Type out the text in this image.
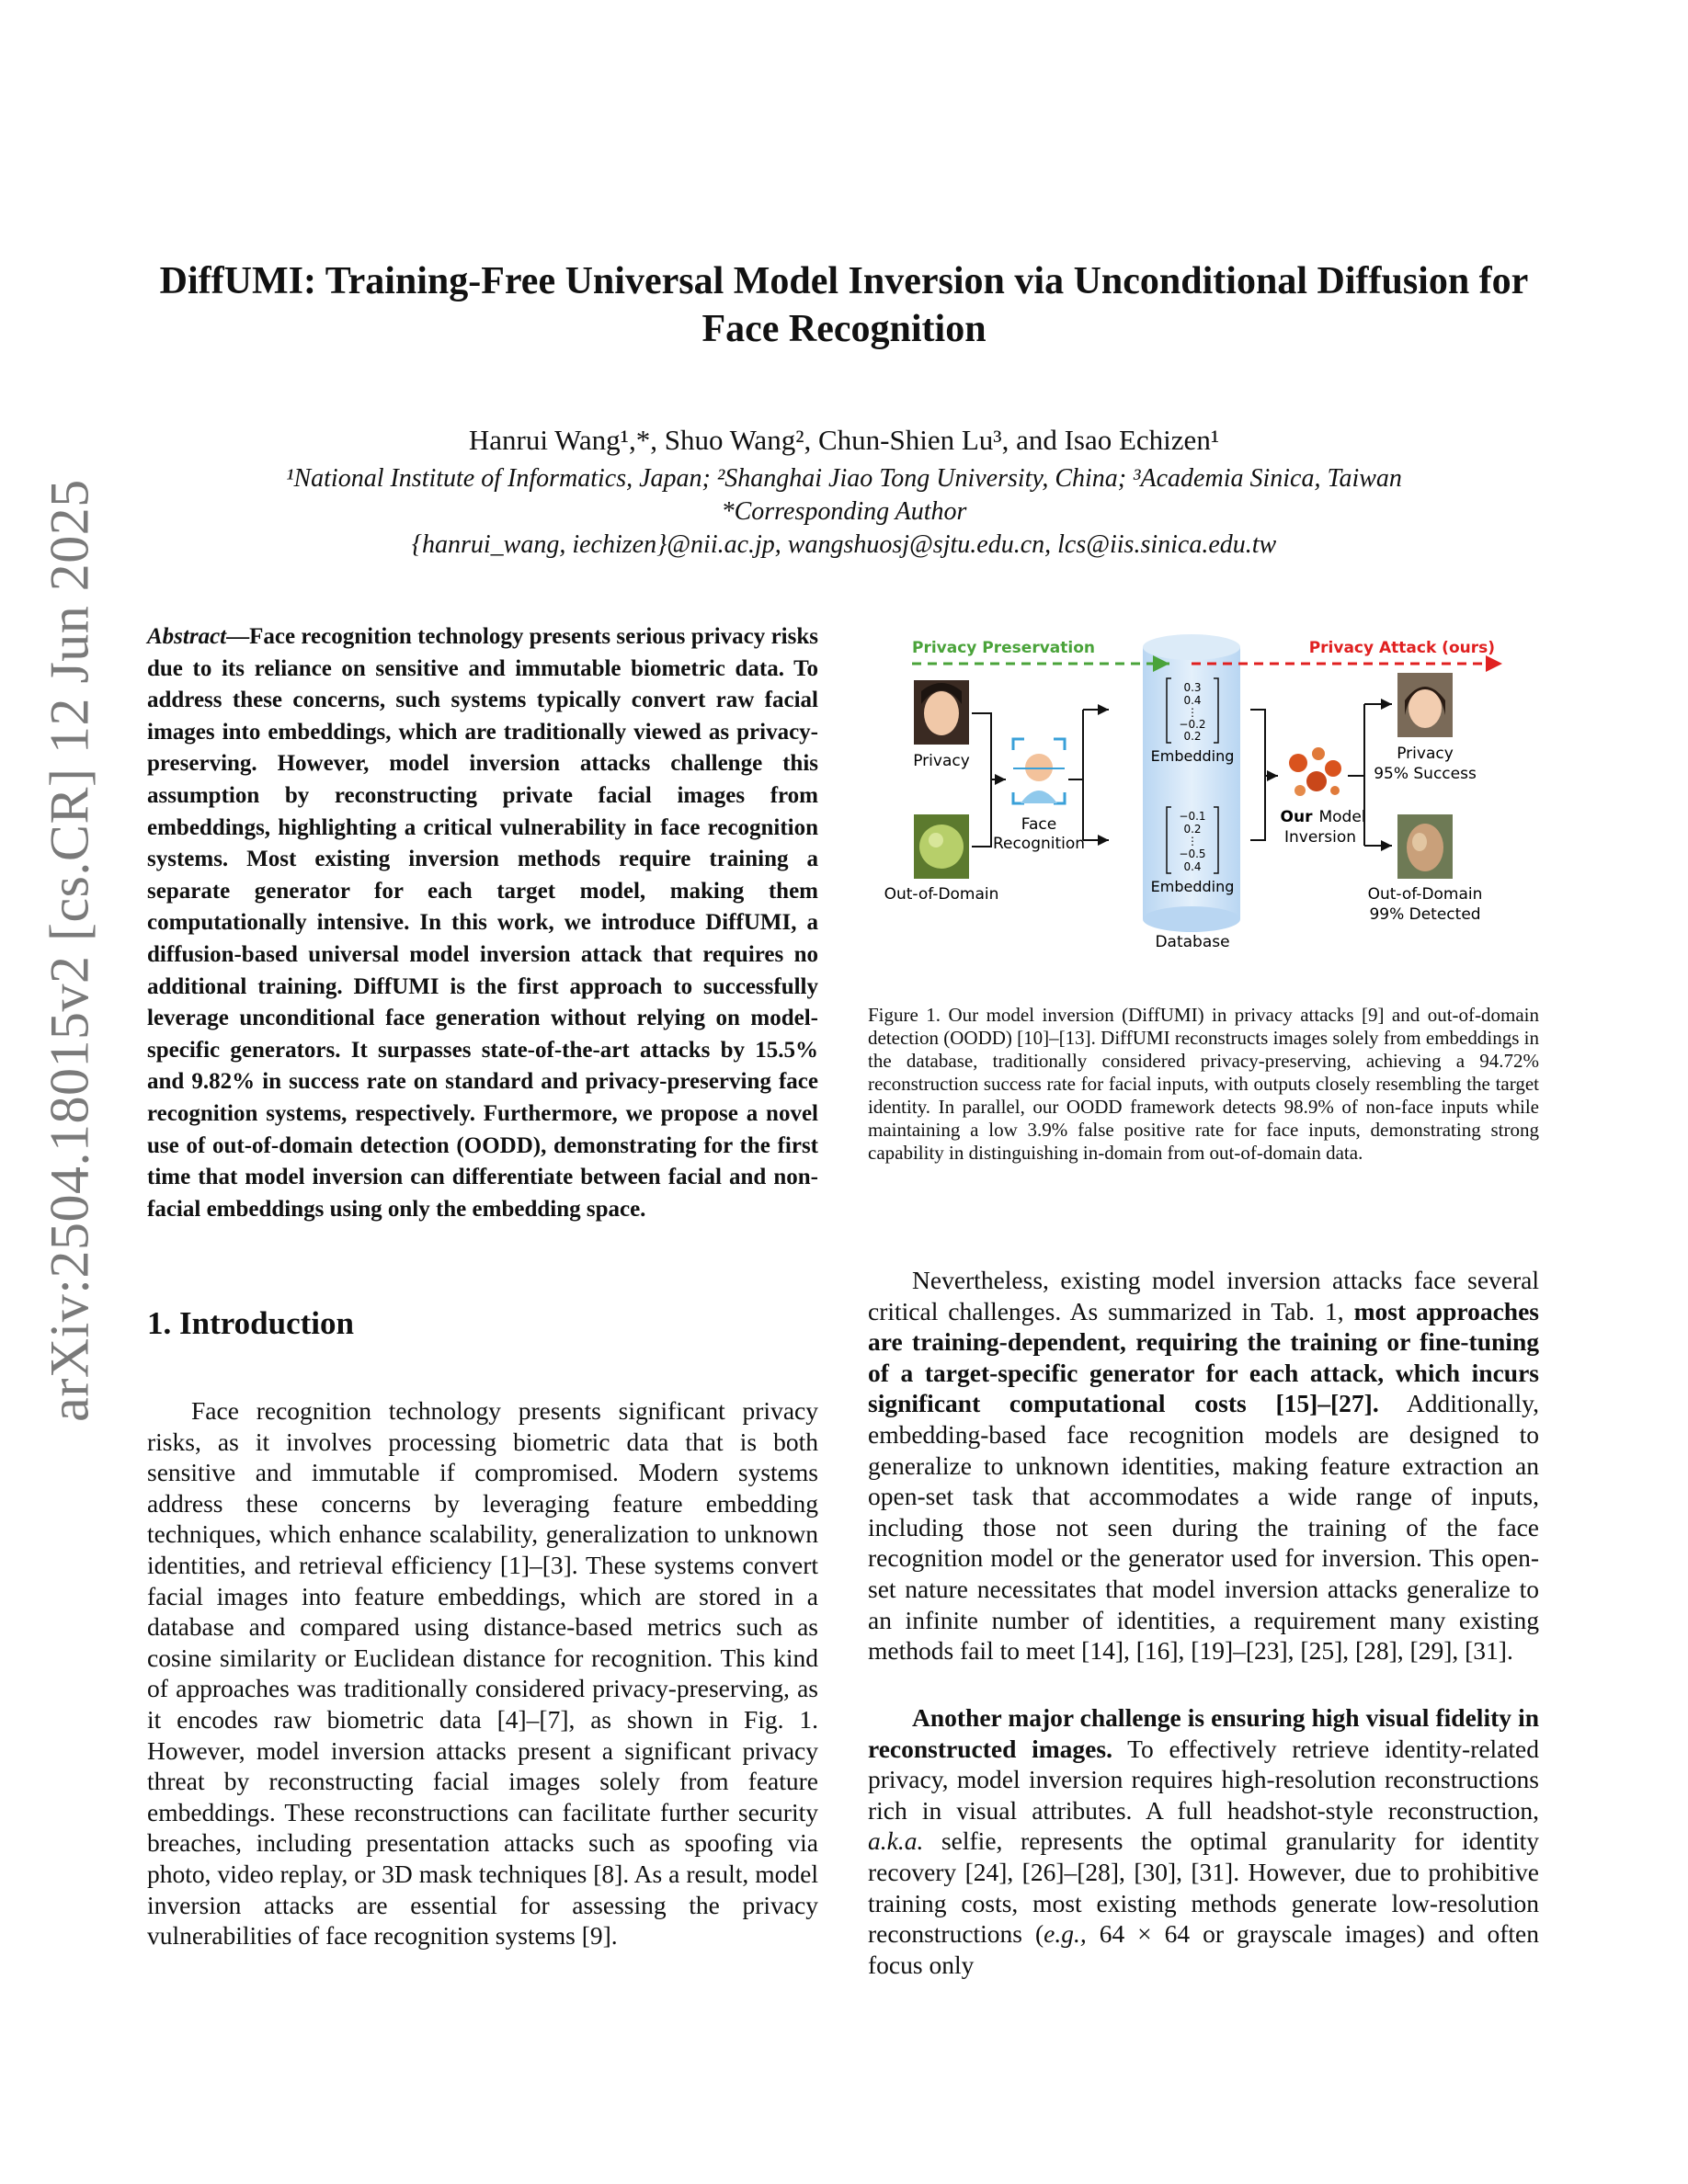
arXiv:2504.18015v2 [cs.CR] 12 Jun 2025
DiffUMI: Training-Free Universal Model Inversion via Unconditional Diffusion for Face Recognition
Hanrui Wang¹,*, Shuo Wang², Chun-Shien Lu³, and Isao Echizen¹
¹National Institute of Informatics, Japan; ²Shanghai Jiao Tong University, China; ³Academia Sinica, Taiwan
*Corresponding Author
{hanrui_wang, iechizen}@nii.ac.jp, wangshuosj@sjtu.edu.cn, lcs@iis.sinica.edu.tw
Abstract—Face recognition technology presents serious privacy risks due to its reliance on sensitive and immutable biometric data. To address these concerns, such systems typically convert raw facial images into embeddings, which are traditionally viewed as privacy-preserving. However, model inversion attacks challenge this assumption by reconstructing private facial images from embeddings, highlighting a critical vulnerability in face recognition systems. Most existing inversion methods require training a separate generator for each target model, making them computationally intensive. In this work, we introduce DiffUMI, a diffusion-based universal model inversion attack that requires no additional training. DiffUMI is the first approach to successfully leverage unconditional face generation without relying on model-specific generators. It surpasses state-of-the-art attacks by 15.5% and 9.82% in success rate on standard and privacy-preserving face recognition systems, respectively. Furthermore, we propose a novel use of out-of-domain detection (OODD), demonstrating for the first time that model inversion can differentiate between facial and non-facial embeddings using only the embedding space.
1. Introduction
Face recognition technology presents significant privacy risks, as it involves processing biometric data that is both sensitive and immutable if compromised. Modern systems address these concerns by leveraging feature embedding techniques, which enhance scalability, generalization to unknown identities, and retrieval efficiency [1]–[3]. These systems convert facial images into feature embeddings, which are stored in a database and compared using distance-based metrics such as cosine similarity or Euclidean distance for recognition. This kind of approaches was traditionally considered privacy-preserving, as it encodes raw biometric data [4]–[7], as shown in Fig. 1. However, model inversion attacks present a significant privacy threat by reconstructing facial images solely from feature embeddings. These reconstructions can facilitate further security breaches, including presentation attacks such as spoofing via photo, video replay, or 3D mask techniques [8]. As a result, model inversion attacks are essential for assessing the privacy vulnerabilities of face recognition systems [9].
Privacy Preservation	Privacy Attack (ours)
Privacy
Out-of-Domain
Face
Recognition
0.3
0.4
⋮
−0.2
0.2
Embedding
−0.1
0.2
⋮
−0.5
0.4
Embedding
Database
Our Model
Inversion
Privacy
95% Success
Out-of-Domain
99% Detected
Figure 1. Our model inversion (DiffUMI) in privacy attacks [9] and out-of-domain detection (OODD) [10]–[13]. DiffUMI reconstructs images solely from embeddings in the database, traditionally considered privacy-preserving, achieving a 94.72% reconstruction success rate for facial inputs, with outputs closely resembling the target identity. In parallel, our OODD framework detects 98.9% of non-face inputs while maintaining a low 3.9% false positive rate for face inputs, demonstrating strong capability in distinguishing in-domain from out-of-domain data.
Nevertheless, existing model inversion attacks face several critical challenges. As summarized in Tab. 1, most approaches are training-dependent, requiring the training or fine-tuning of a target-specific generator for each attack, which incurs significant computational costs [15]–[27]. Additionally, embedding-based face recognition models are designed to generalize to unknown identities, making feature extraction an open-set task that accommodates a wide range of inputs, including those not seen during the training of the face recognition model or the generator used for inversion. This open-set nature necessitates that model inversion attacks generalize to an infinite number of identities, a requirement many existing methods fail to meet [14], [16], [19]–[23], [25], [28], [29], [31].
Another major challenge is ensuring high visual fidelity in reconstructed images. To effectively retrieve identity-related privacy, model inversion requires high-resolution reconstructions rich in visual attributes. A full headshot-style reconstruction, a.k.a. selfie, represents the optimal granularity for identity recovery [24], [26]–[28], [30], [31]. However, due to prohibitive training costs, most existing methods generate low-resolution reconstructions (e.g., 64 × 64 or grayscale images) and often focus only
